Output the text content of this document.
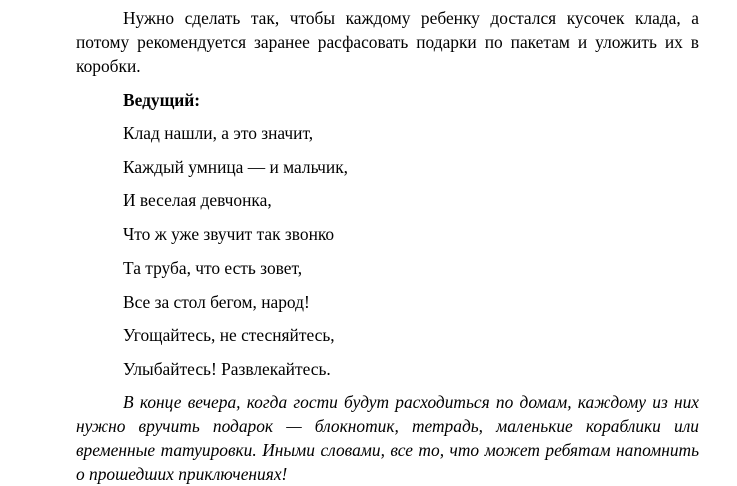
Нужно сделать так, чтобы каждому ребенку достался кусочек клада, а потому рекомендуется заранее расфасовать подарки по пакетам и уложить их в коробки.

Ведущий:

Клад нашли, а это значит,

Каждый умница — и мальчик,

И веселая девчонка,

Что ж уже звучит так звонко

Та труба, что есть зовет,

Все за стол бегом, народ!

Угощайтесь, не стесняйтесь,

Улыбайтесь! Развлекайтесь.

В конце вечера, когда гости будут расходиться по домам, каждому из них нужно вручить подарок — блокнотик, тетрадь, маленькие кораблики или временные татуировки. Иными словами, все то, что может ребятам напомнить о прошедших приключениях!
